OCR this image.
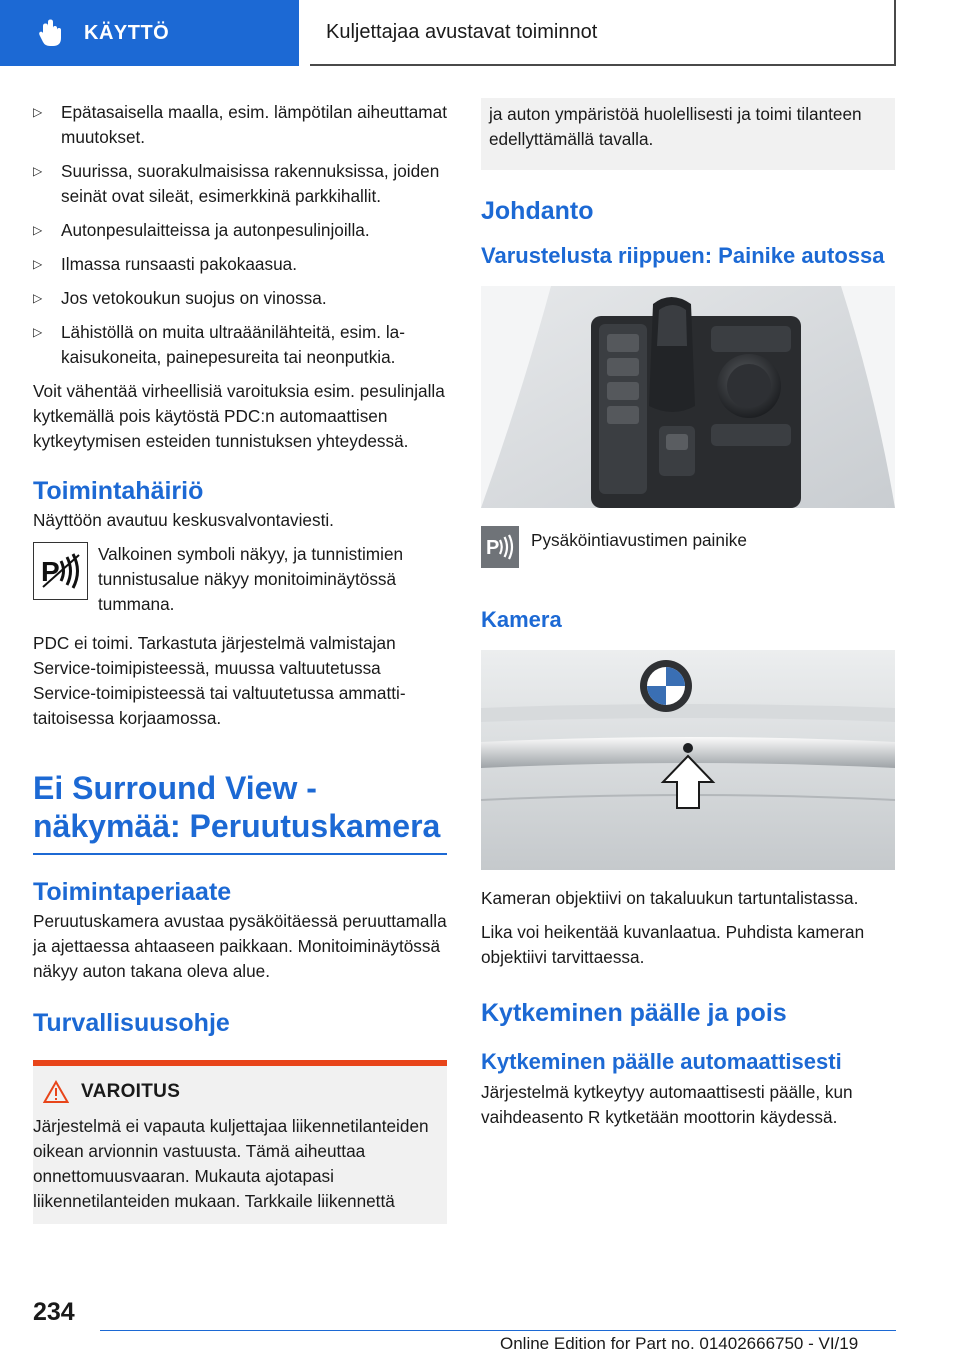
KÄYTTÖ	Kuljettajaa avustavat toiminnot
▷ Epätasaisella maalla, esim. lämpötilan aiheuttamat muutokset.
▷ Suurissa, suorakulmaisissa rakennuksissa, joiden seinät ovat sileät, esimerkkinä parkkihallit.
▷ Autonpesulaitteissa ja autonpesulinjoilla.
▷ Ilmassa runsaasti pakokaasua.
▷ Jos vetokoukun suojus on vinossa.
▷ Lähistöllä on muita ultraäänilähteitä, esim. lakaisukoneita, painepesureita tai neonputkia.

Voit vähentää virheellisiä varoituksia esim. pesulinjalla kytkemällä pois käytöstä PDC:n automaattisen kytkeytymisen esteiden tunnistuksen yhteydessä.

Toimintahäiriö

Näyttöön avautuu keskusvalvontaviesti.

P
Valkoinen symboli näkyy, ja tunnistimien tunnistusalue näkyy monitoiminäytössä tummana.

PDC ei toimi. Tarkastuta järjestelmä valmistajan Service-toimipisteessä, muussa valtuutetussa Service-toimipisteessä tai valtuutetussa ammattitaitoisessa korjaamossa.

Ei Surround View -
näkymää: Peruutuskamera
Toimintaperiaate

Peruutuskamera avustaa pysäköitäessä peruuttamalla ja ajettaessa ahtaaseen paikkaan. Monitoiminäytössä näkyy auton takana oleva alue.

Turvallisuusohje
VAROITUS
Järjestelmä ei vapauta kuljettajaa liikennetilanteiden oikean arvionnin vastuusta. Tämä aiheuttaa onnettomuusvaaran. Mukauta ajotapasi liikennetilanteiden mukaan. Tarkkaile liikennettä
ja auton ympäristöä huolellisesti ja toimi tilanteen edellyttämällä tavalla.
Johdanto
Varustelusta riippuen: Painike autossa
P Pysäköintiavustimen painike
Kamera

Kameran objektiivi on takaluukun tartuntalistassa.

Lika voi heikentää kuvanlaatua. Puhdista kameran objektiivi tarvittaessa.

Kytkeminen päälle ja pois
Kytkeminen päälle automaattisesti

Järjestelmä kytkeytyy automaattisesti päälle, kun vaihdeasento R kytketään moottorin käydessä.

234
Online Edition for Part no. 01402666750 - VI/19
